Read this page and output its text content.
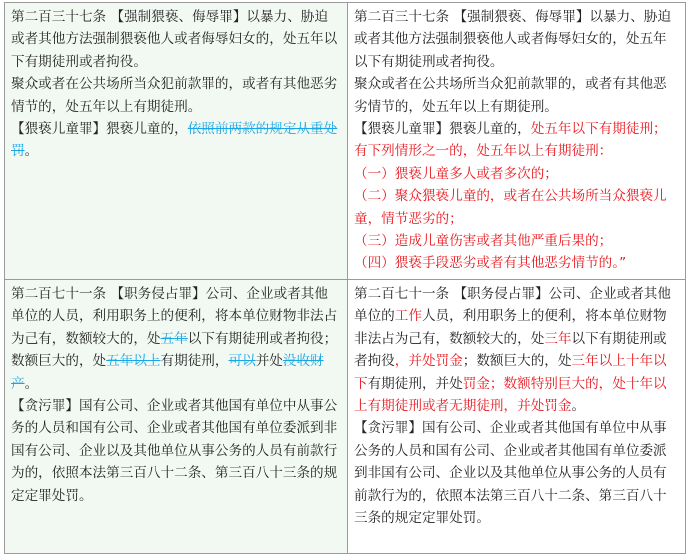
第二百三十七条 【强制猥亵、侮辱罪】以暴力、胁迫或者其他方法强制猥亵他人或者侮辱妇女的，处五年以下有期徒刑或者拘役。

聚众或者在公共场所当众犯前款罪的，或者有其他恶劣情节的，处五年以上有期徒刑。

【猥亵儿童罪】猥亵儿童的，依照前两款的规定从重处罚。

第二百三十七条 【强制猥亵、侮辱罪】以暴力、胁迫或者其他方法强制猥亵他人或者侮辱妇女的，处五年以下有期徒刑或者拘役。

聚众或者在公共场所当众犯前款罪的，或者有其他恶劣情节的，处五年以上有期徒刑。

【猥亵儿童罪】猥亵儿童的，处五年以下有期徒刑；有下列情形之一的，处五年以上有期徒刑：

（一）猥亵儿童多人或者多次的；

（二）聚众猥亵儿童的，或者在公共场所当众猥亵儿童，情节恶劣的；

（三）造成儿童伤害或者其他严重后果的；

（四）猥亵手段恶劣或者有其他恶劣情节的。”

第二百七十一条 【职务侵占罪】公司、企业或者其他单位的人员，利用职务上的便利，将本单位财物非法占为己有，数额较大的，处五年以下有期徒刑或者拘役；数额巨大的，处五年以上有期徒刑，可以并处没收财产。

【贪污罪】国有公司、企业或者其他国有单位中从事公务的人员和国有公司、企业或者其他国有单位委派到非国有公司、企业以及其他单位从事公务的人员有前款行为的，依照本法第三百八十二条、第三百八十三条的规定定罪处罚。

第二百七十一条 【职务侵占罪】公司、企业或者其他单位的工作人员，利用职务上的便利，将本单位财物非法占为己有，数额较大的，处三年以下有期徒刑或者拘役，并处罚金；数额巨大的，处三年以上十年以下有期徒刑，并处罚金；数额特别巨大的，处十年以上有期徒刑或者无期徒刑，并处罚金。

【贪污罪】国有公司、企业或者其他国有单位中从事公务的人员和国有公司、企业或者其他国有单位委派到非国有公司、企业以及其他单位从事公务的人员有前款行为的，依照本法第三百八十二条、第三百八十三条的规定定罪处罚。
